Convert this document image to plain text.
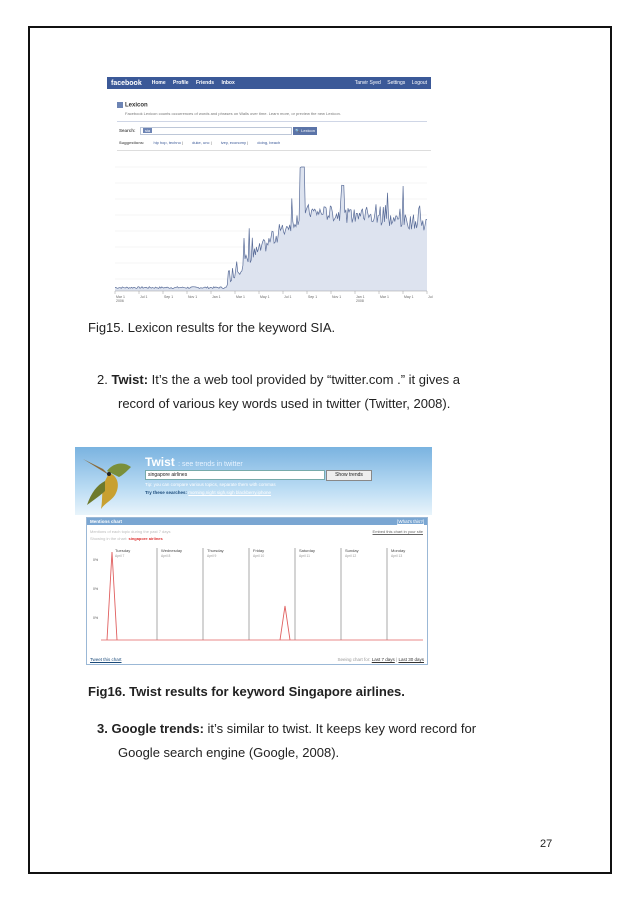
facebook Home Profile Friends Inbox	Tanvir Syed Settings Logout
Lexicon
Facebook Lexicon counts occurrences of words and phrases on Walls over time. Learn more, or preview the new Lexicon.
Search:	sia	🔍 Lexicon
Suggestions: hip hop, techno | duke, unc | ivey, economy | doing, beach
Mar 1
2006
Jul 1	Sep 1	Nov 1	Jan 1	Mar 1	May 1	Jul 1	Sep 1	Nov 1	Jan 1
2008
Mar 1	May 1	Jul
Fig15. Lexicon results for the keyword SIA.
2. Twist: It’s the a web tool provided by “twitter.com .” it gives a
record of various key words used in twitter (Twitter, 2008).
Twist : see trends in twitter
singapore airlines	Show trends
Tip: you can compare various topics, separate them with commas
Try these searches: morning,night sigh,sigh blackberry,iphone
Mentions chart	[What's this?]
Mentions of each topic during the past 7 days
Showing in the chart: singapore airlines
Embed this chart in your site
Tuesday
April 7
Wednesday
April 8
Thursday
April 9
Friday
April 10
Saturday
April 11
Sunday
April 12
Monday
April 13
0%
0%
0%
Tweet this chart	Seeing chart for: Last 7 days | Last 30 days
Fig16. Twist results for keyword Singapore airlines.
3. Google trends: it’s similar to twist. It keeps key word record for
Google search engine (Google, 2008).
27
